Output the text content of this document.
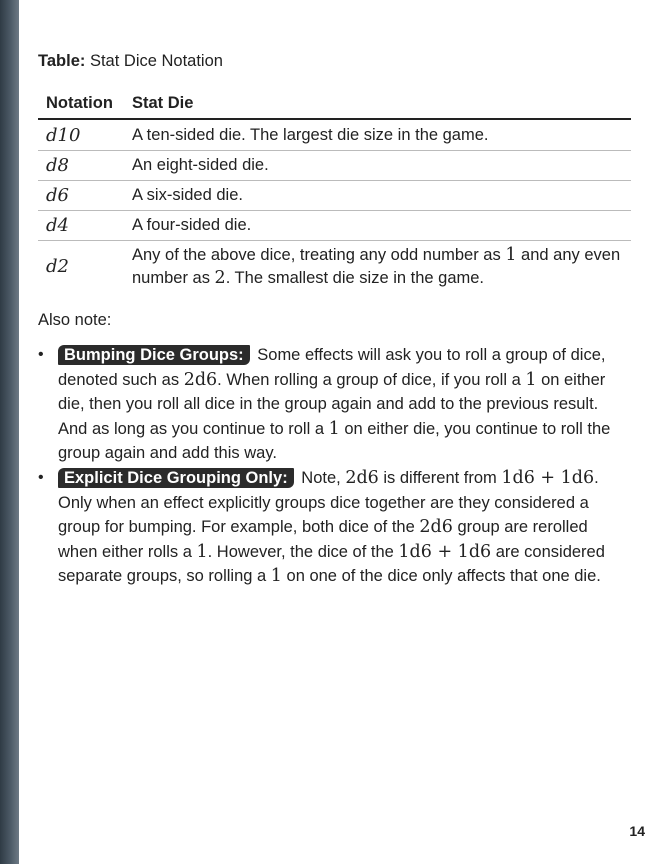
Table: Stat Dice Notation
Notation	Stat Die
d10	A ten-sided die. The largest die size in the game.
d8	An eight-sided die.
d6	A six-sided die.
d4	A four-sided die.
d2	Any of the above dice, treating any odd number as 1 and any even number as 2. The smallest die size in the game.
Also note:
• Bumping Dice Groups: Some effects will ask you to roll a group of dice, denoted such as 2d6. When rolling a group of dice, if you roll a 1 on either die, then you roll all dice in the group again and add to the previous result. And as long as you continue to roll a 1 on either die, you continue to roll the group again and add this way.
• Explicit Dice Grouping Only: Note, 2d6 is different from 1d6 + 1d6. Only when an effect explicitly groups dice together are they considered a group for bumping. For example, both dice of the 2d6 group are rerolled when either rolls a 1. However, the dice of the 1d6 + 1d6 are considered separate groups, so rolling a 1 on one of the dice only affects that one die.
14
